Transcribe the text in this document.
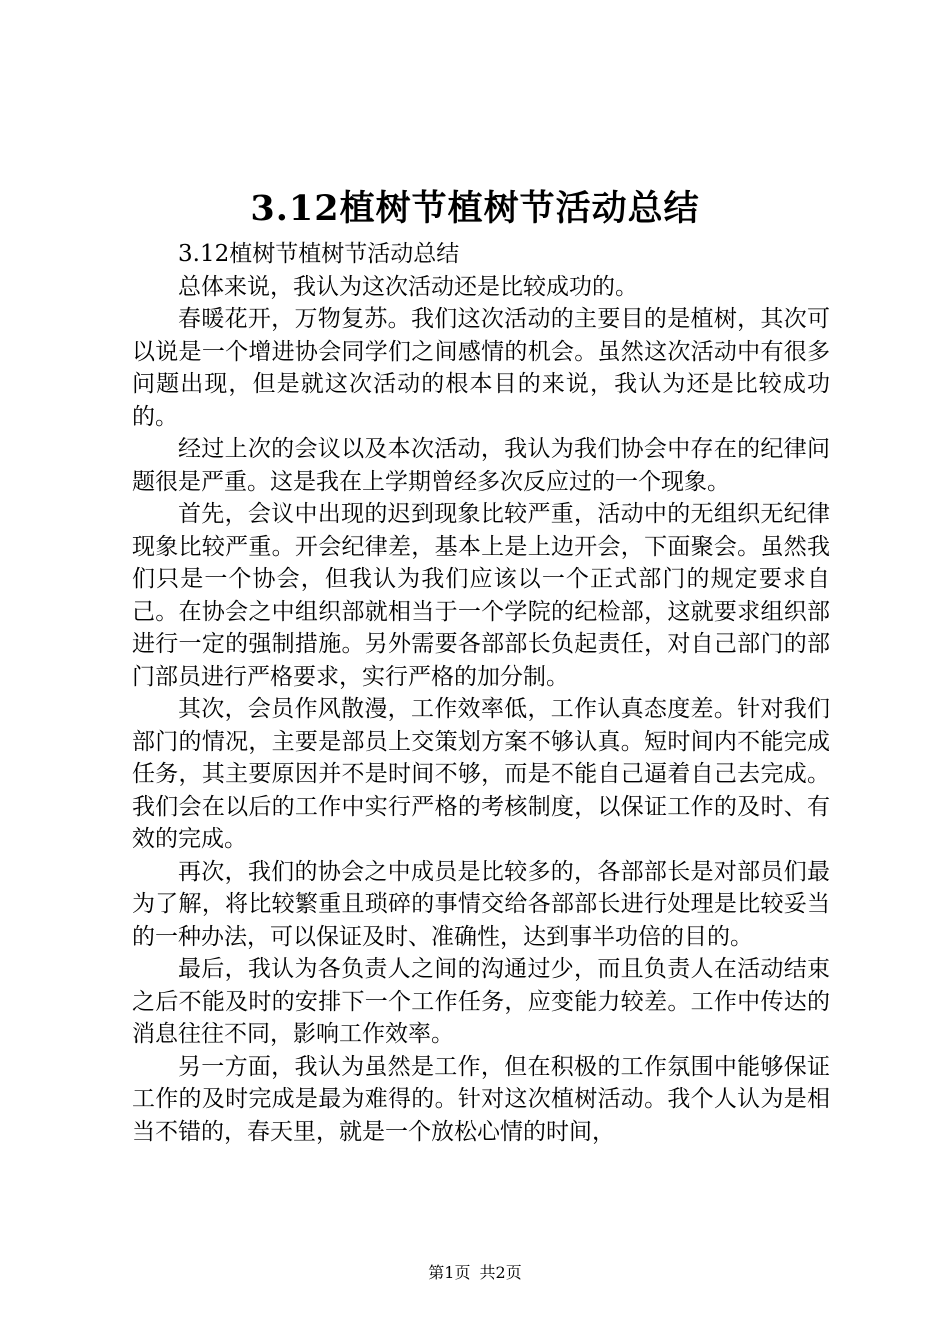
3.12植树节植树节活动总结

3.12植树节植树节活动总结

总体来说，我认为这次活动还是比较成功的。

春暖花开，万物复苏。我们这次活动的主要目的是植树，其次可以说是一个增进协会同学们之间感情的机会。虽然这次活动中有很多问题出现，但是就这次活动的根本目的来说，我认为还是比较成功的。

经过上次的会议以及本次活动，我认为我们协会中存在的纪律问题很是严重。这是我在上学期曾经多次反应过的一个现象。

首先，会议中出现的迟到现象比较严重，活动中的无组织无纪律现象比较严重。开会纪律差，基本上是上边开会，下面聚会。虽然我们只是一个协会，但我认为我们应该以一个正式部门的规定要求自己。在协会之中组织部就相当于一个学院的纪检部，这就要求组织部进行一定的强制措施。另外需要各部部长负起责任，对自己部门的部门部员进行严格要求，实行严格的加分制。

其次，会员作风散漫，工作效率低，工作认真态度差。针对我们部门的情况，主要是部员上交策划方案不够认真。短时间内不能完成任务，其主要原因并不是时间不够，而是不能自己逼着自己去完成。我们会在以后的工作中实行严格的考核制度，以保证工作的及时、有效的完成。

再次，我们的协会之中成员是比较多的，各部部长是对部员们最为了解，将比较繁重且琐碎的事情交给各部部长进行处理是比较妥当的一种办法，可以保证及时、准确性，达到事半功倍的目的。

最后，我认为各负责人之间的沟通过少，而且负责人在活动结束之后不能及时的安排下一个工作任务，应变能力较差。工作中传达的消息往往不同，影响工作效率。

另一方面，我认为虽然是工作，但在积极的工作氛围中能够保证工作的及时完成是最为难得的。针对这次植树活动。我个人认为是相当不错的，春天里，就是一个放松心情的时间，

第1页 共2页
